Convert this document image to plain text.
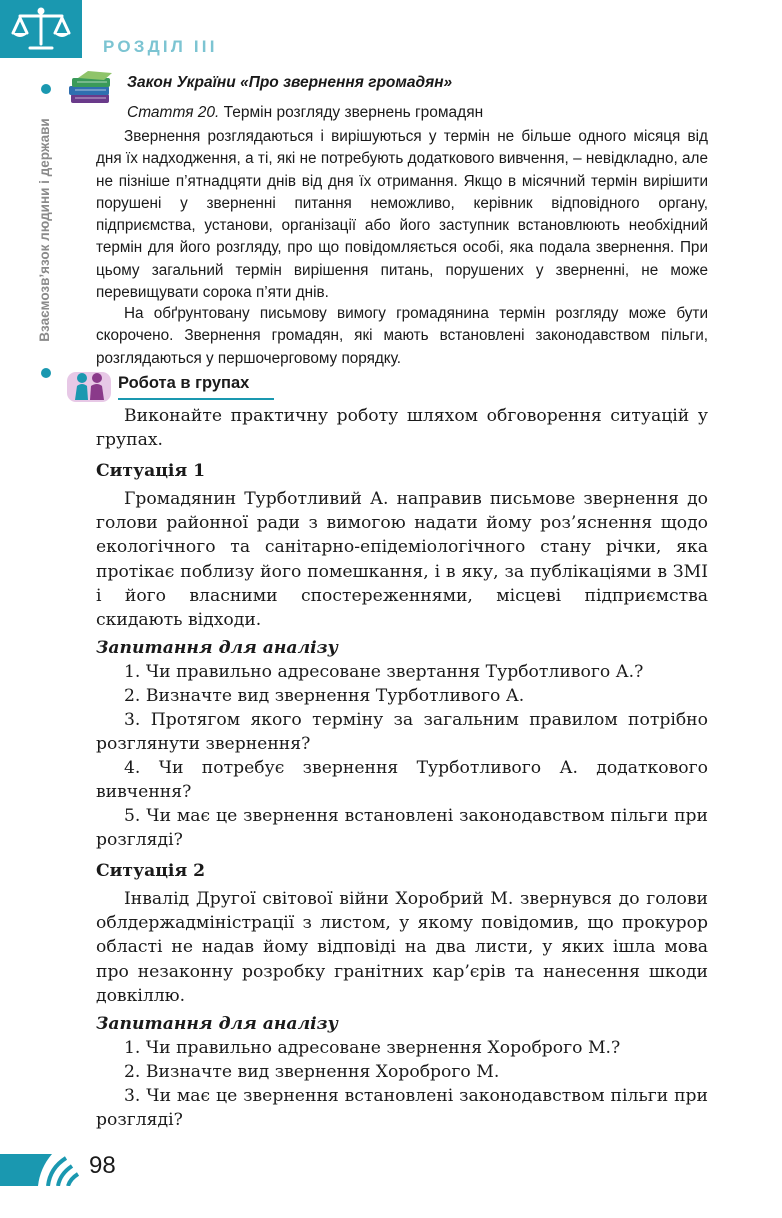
РОЗДІЛ ІІІ
Взаємозв’язок людини і держави
Закон України «Про звернення громадян»
Стаття 20. Термін розгляду звернень громадян

Звернення розглядаються і вирішуються у термін не більше одного місяця від дня їх надходження, а ті, які не потребують додаткового вивчення, – невідкладно, але не пізніше п’ятнадцяти днів від дня їх отримання. Якщо в місячний термін вирішити порушені у зверненні питання неможливо, керівник відповідного органу, підприємства, установи, організації або його заступник встановлюють необхідний термін для його розгляду, про що повідомляється особі, яка подала звернення. При цьому загальний термін вирішення питань, порушених у зверненні, не може перевищувати сорока п’яти днів.

На обґрунтовану письмову вимогу громадянина термін розгляду може бути скорочено. Звернення громадян, які мають встановлені законодавством пільги, розглядаються у першочерговому порядку.

Робота в групах

Виконайте практичну роботу шляхом обговорення ситуацій у групах.

Ситуація 1

Громадянин Турботливий А. направив письмове звернення до голови районної ради з вимогою надати йому роз’яснення щодо екологічного та санітарно-епідеміологічного стану річки, яка протікає поблизу його помешкання, і в яку, за публікаціями в ЗМІ і його власними спостереженнями, місцеві підприємства скидають відходи.

Запитання для аналізу

1. Чи правильно адресоване звертання Турботливого А.?

2. Визначте вид звернення Турботливого А.

3. Протягом якого терміну за загальним правилом потрібно розглянути звернення?

4. Чи потребує звернення Турботливого А. додаткового вивчення?

5. Чи має це звернення встановлені законодавством пільги при розгляді?

Ситуація 2

Інвалід Другої світової війни Хоробрий М. звернувся до голови облдержадміністрації з листом, у якому повідомив, що прокурор області не надав йому відповіді на два листи, у яких ішла мова про незаконну розробку гранітних кар’єрів та нанесення шкоди довкіллю.

Запитання для аналізу

1. Чи правильно адресоване звернення Хороброго М.?

2. Визначте вид звернення Хороброго М.

3. Чи має це звернення встановлені законодавством пільги при розгляді?

98
